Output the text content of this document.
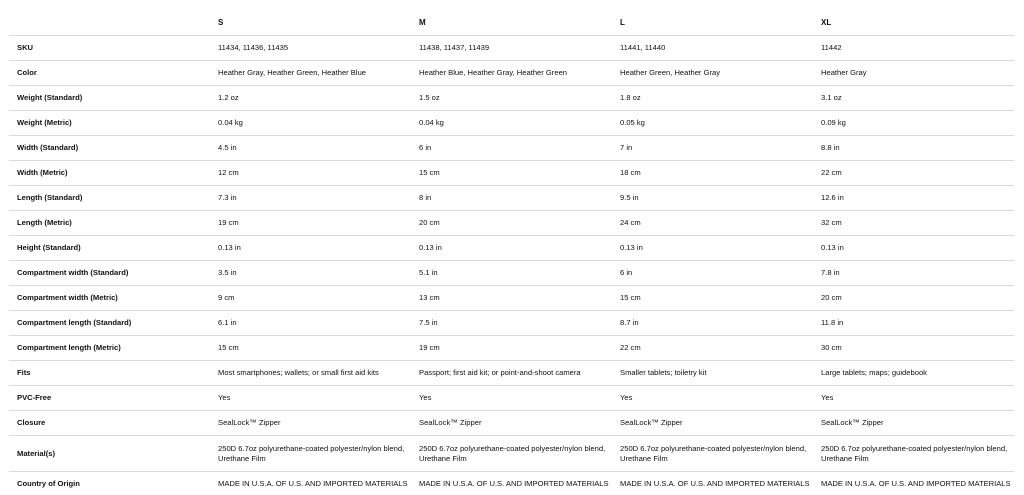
	S	M	L	XL
SKU	11434, 11436, 11435	11438, 11437, 11439	11441, 11440	11442
Color	Heather Gray, Heather Green, Heather Blue	Heather Blue, Heather Gray, Heather Green	Heather Green, Heather Gray	Heather Gray
Weight (Standard)	1.2 oz	1.5 oz	1.8 oz	3.1 oz
Weight (Metric)	0.04 kg	0.04 kg	0.05 kg	0.09 kg
Width (Standard)	4.5 in	6 in	7 in	8.8 in
Width (Metric)	12 cm	15 cm	18 cm	22 cm
Length (Standard)	7.3 in	8 in	9.5 in	12.6 in
Length (Metric)	19 cm	20 cm	24 cm	32 cm
Height (Standard)	0.13 in	0.13 in	0.13 in	0.13 in
Compartment width (Standard)	3.5 in	5.1 in	6 in	7.8 in
Compartment width (Metric)	9 cm	13 cm	15 cm	20 cm
Compartment length (Standard)	6.1 in	7.5 in	8.7 in	11.8 in
Compartment length (Metric)	15 cm	19 cm	22 cm	30 cm
Fits	Most smartphones; wallets; or small first aid kits	Passport; first aid kit; or point-and-shoot camera	Smaller tablets; toiletry kit	Large tablets; maps; guidebook
PVC-Free	Yes	Yes	Yes	Yes
Closure	SealLock™ Zipper	SealLock™ Zipper	SealLock™ Zipper	SealLock™ Zipper
Material(s)	250D 6.7oz polyurethane-coated polyester/nylon blend, Urethane Film	250D 6.7oz polyurethane-coated polyester/nylon blend, Urethane Film	250D 6.7oz polyurethane-coated polyester/nylon blend, Urethane Film	250D 6.7oz polyurethane-coated polyester/nylon blend, Urethane Film
Country of Origin	MADE IN U.S.A. OF U.S. AND IMPORTED MATERIALS	MADE IN U.S.A. OF U.S. AND IMPORTED MATERIALS	MADE IN U.S.A. OF U.S. AND IMPORTED MATERIALS	MADE IN U.S.A. OF U.S. AND IMPORTED MATERIALS
